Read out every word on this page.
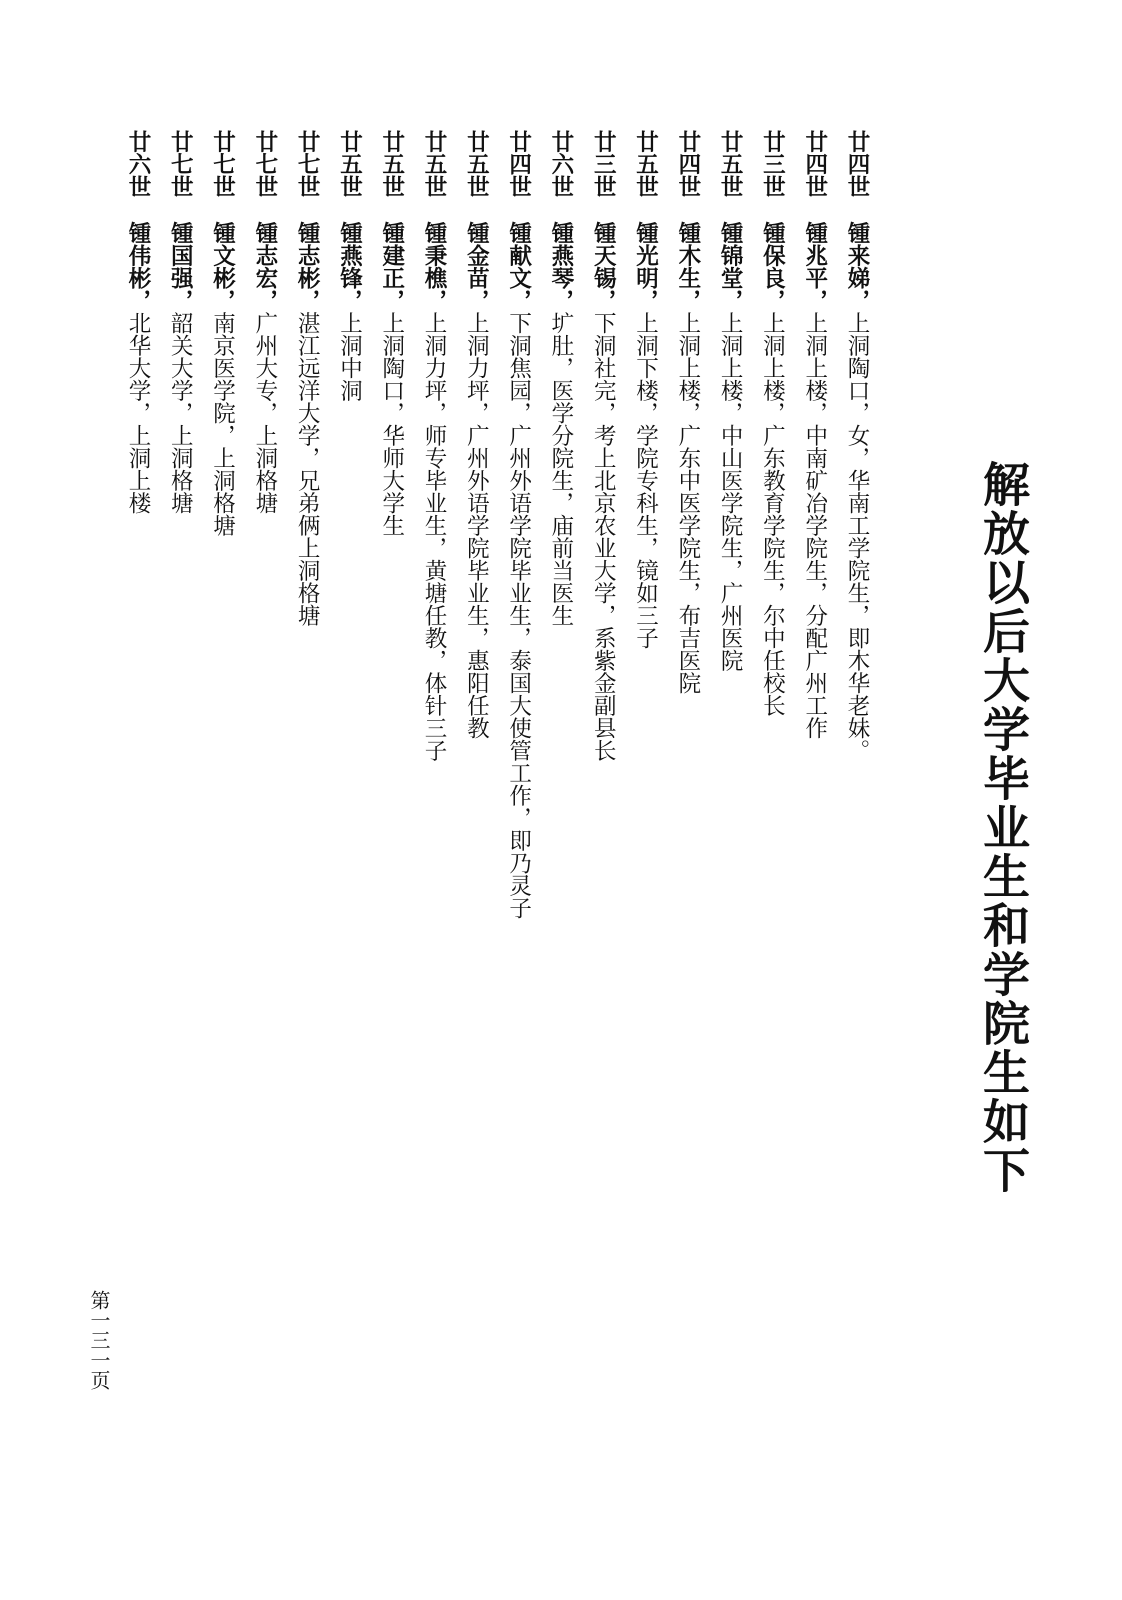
解放以后大学毕业生和学院生如下
廿四世锺来娣，上洞陶口，女，华南工学院生，即木华老妹。
廿四世锺兆平，上洞上楼，中南矿冶学院生，分配广州工作
廿三世锺保良，上洞上楼，广东教育学院生，尔中任校长
廿五世锺锦堂，上洞上楼，中山医学院生，广州医院
廿四世锺木生，上洞上楼，广东中医学院生，布吉医院
廿五世锺光明，上洞下楼，学院专科生，镜如三子
廿三世锺天锡，下洞社完，考上北京农业大学，系紫金副县长
廿六世锺燕琴，圹肚，医学分院生，庙前当医生
廿四世锺献文，下洞焦园，广州外语学院毕业生，泰国大使管工作，即乃灵子
廿五世锺金苗，上洞力坪，广州外语学院毕业生，惠阳任教
廿五世锺秉樵，上洞力坪，师专毕业生，黄塘任教，体针三子
廿五世锺建正，上洞陶口，华师大学生
廿五世锺燕锋，上洞中洞
廿七世锺志彬，湛江远洋大学，兄弟俩上洞格塘
廿七世锺志宏，广州大专，上洞格塘
廿七世锺文彬，南京医学院，上洞格塘
廿七世锺国强，韶关大学，上洞格塘
廿六世锺伟彬，北华大学，上洞上楼
第一三一页
